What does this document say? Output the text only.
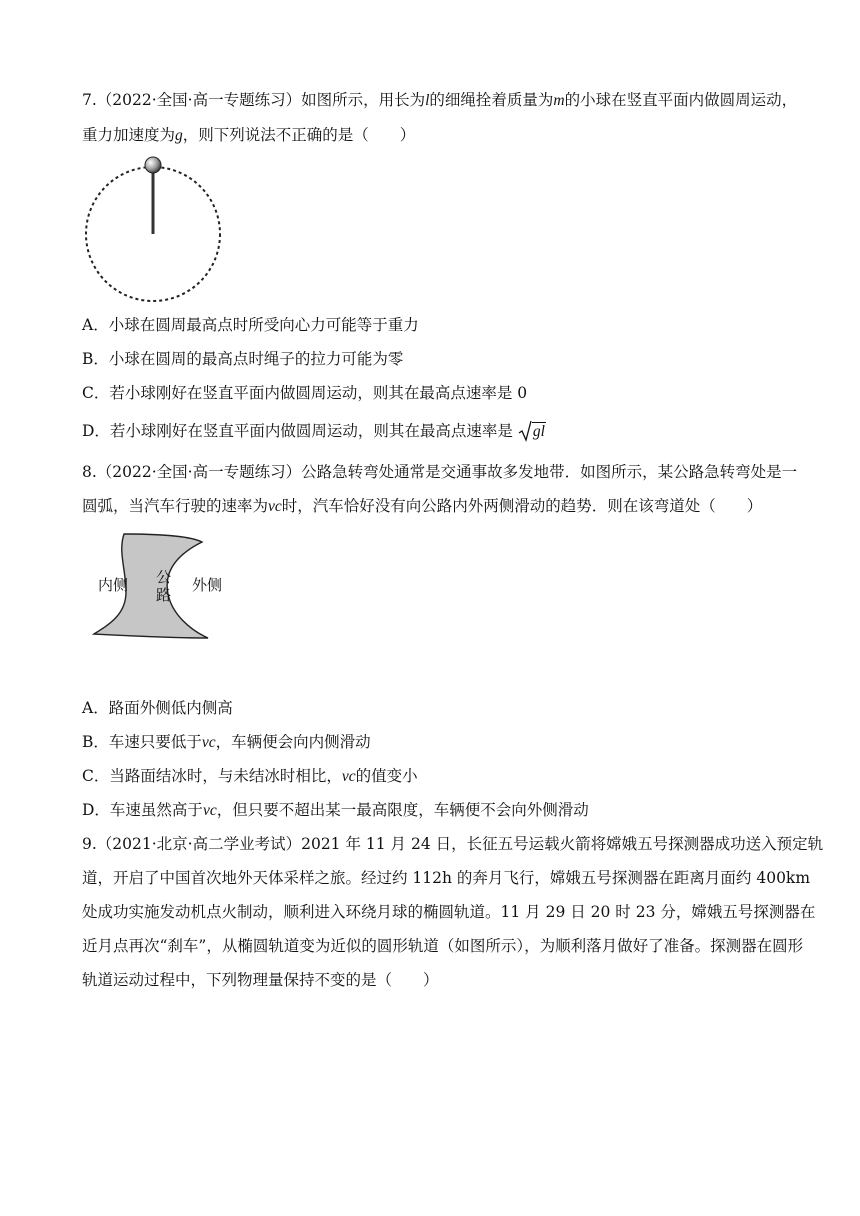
7.（2022·全国·高一专题练习）如图所示，用长为l的细绳拴着质量为m的小球在竖直平面内做圆周运动，
重力加速度为g，则下列说法不正确的是（　　）
A．小球在圆周最高点时所受向心力可能等于重力
B．小球在圆周的最高点时绳子的拉力可能为零
C．若小球刚好在竖直平面内做圆周运动，则其在最高点速率是 0
D．若小球刚好在竖直平面内做圆周运动，则其在最高点速率是 gl
8.（2022·全国·高一专题练习）公路急转弯处通常是交通事故多发地带．如图所示，某公路急转弯处是一
圆弧，当汽车行驶的速率为vc时，汽车恰好没有向公路内外两侧滑动的趋势．则在该弯道处（　　）
内侧 公
路
外侧
A．路面外侧低内侧高
B．车速只要低于vc，车辆便会向内侧滑动
C．当路面结冰时，与未结冰时相比，vc的值变小
D．车速虽然高于vc，但只要不超出某一最高限度，车辆便不会向外侧滑动
9.（2021·北京·高二学业考试）2021 年 11 月 24 日，长征五号运载火箭将嫦娥五号探测器成功送入预定轨
道，开启了中国首次地外天体采样之旅。经过约 112h 的奔月飞行，嫦娥五号探测器在距离月面约 400km
处成功实施发动机点火制动，顺利进入环绕月球的椭圆轨道。11 月 29 日 20 时 23 分，嫦娥五号探测器在
近月点再次“刹车”，从椭圆轨道变为近似的圆形轨道（如图所示），为顺利落月做好了准备。探测器在圆形
轨道运动过程中，下列物理量保持不变的是（　　）
